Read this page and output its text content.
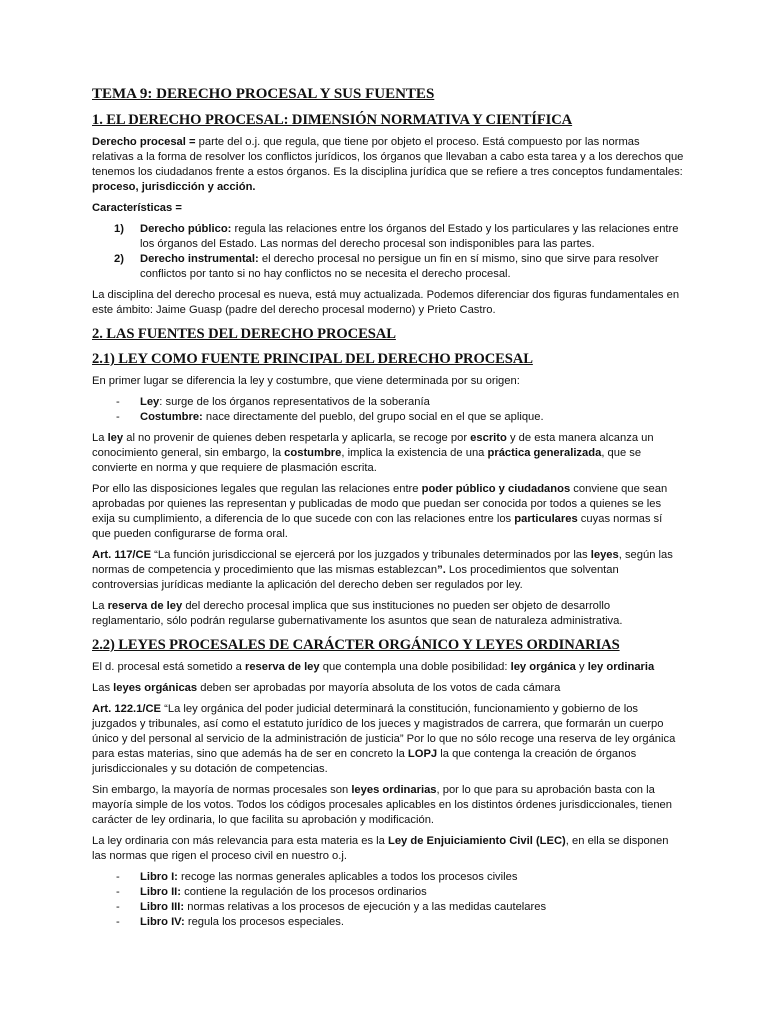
TEMA 9: DERECHO PROCESAL Y SUS FUENTES
1. EL DERECHO PROCESAL: DIMENSIÓN NORMATIVA Y CIENTÍFICA

Derecho procesal = parte del o.j. que regula, que tiene por objeto el proceso. Está compuesto por las normas relativas a la forma de resolver los conflictos jurídicos, los órganos que llevaban a cabo esta tarea y a los derechos que tenemos los ciudadanos frente a estos órganos. Es la disciplina jurídica que se refiere a tres conceptos fundamentales: proceso, jurisdicción y acción.

Características =

1) Derecho público: regula las relaciones entre los órganos del Estado y los particulares y las relaciones entre los órganos del Estado. Las normas del derecho procesal son indisponibles para las partes.
2) Derecho instrumental: el derecho procesal no persigue un fin en sí mismo, sino que sirve para resolver conflictos por tanto si no hay conflictos no se necesita el derecho procesal.

La disciplina del derecho procesal es nueva, está muy actualizada. Podemos diferenciar dos figuras fundamentales en este ámbito: Jaime Guasp (padre del derecho procesal moderno) y Prieto Castro.

2. LAS FUENTES DEL DERECHO PROCESAL
2.1) LEY COMO FUENTE PRINCIPAL DEL DERECHO PROCESAL

En primer lugar se diferencia la ley y costumbre, que viene determinada por su origen:

- Ley: surge de los órganos representativos de la soberanía
- Costumbre: nace directamente del pueblo, del grupo social en el que se aplique.

La ley al no provenir de quienes deben respetarla y aplicarla, se recoge por escrito y de esta manera alcanza un conocimiento general, sin embargo, la costumbre, implica la existencia de una práctica generalizada, que se convierte en norma y que requiere de plasmación escrita.

Por ello las disposiciones legales que regulan las relaciones entre poder público y ciudadanos conviene que sean aprobadas por quienes las representan y publicadas de modo que puedan ser conocida por todos a quienes se les exija su cumplimiento, a diferencia de lo que sucede con con las relaciones entre los particulares cuyas normas sí que pueden configurarse de forma oral.

Art. 117/CE “La función jurisdiccional se ejercerá por los juzgados y tribunales determinados por las leyes, según las normas de competencia y procedimiento que las mismas establezcan”. Los procedimientos que solventan controversias jurídicas mediante la aplicación del derecho deben ser regulados por ley.

La reserva de ley del derecho procesal implica que sus instituciones no pueden ser objeto de desarrollo reglamentario, sólo podrán regularse gubernativamente los asuntos que sean de naturaleza administrativa.

2.2) LEYES PROCESALES DE CARÁCTER ORGÁNICO Y LEYES ORDINARIAS

El d. procesal está sometido a reserva de ley que contempla una doble posibilidad: ley orgánica y ley ordinaria

Las leyes orgánicas deben ser aprobadas por mayoría absoluta de los votos de cada cámara

Art. 122.1/CE “La ley orgánica del poder judicial determinará la constitución, funcionamiento y gobierno de los juzgados y tribunales, así como el estatuto jurídico de los jueces y magistrados de carrera, que formarán un cuerpo único y del personal al servicio de la administración de justicia” Por lo que no sólo recoge una reserva de ley orgánica para estas materias, sino que además ha de ser en concreto la LOPJ la que contenga la creación de órganos jurisdiccionales y su dotación de competencias.

Sin embargo, la mayoría de normas procesales son leyes ordinarias, por lo que para su aprobación basta con la mayoría simple de los votos. Todos los códigos procesales aplicables en los distintos órdenes jurisdiccionales, tienen carácter de ley ordinaria, lo que facilita su aprobación y modificación.

La ley ordinaria con más relevancia para esta materia es la Ley de Enjuiciamiento Civil (LEC), en ella se disponen las normas que rigen el proceso civil en nuestro o.j.

- Libro I: recoge las normas generales aplicables a todos los procesos civiles
- Libro II: contiene la regulación de los procesos ordinarios
- Libro III: normas relativas a los procesos de ejecución y a las medidas cautelares
- Libro IV: regula los procesos especiales.
